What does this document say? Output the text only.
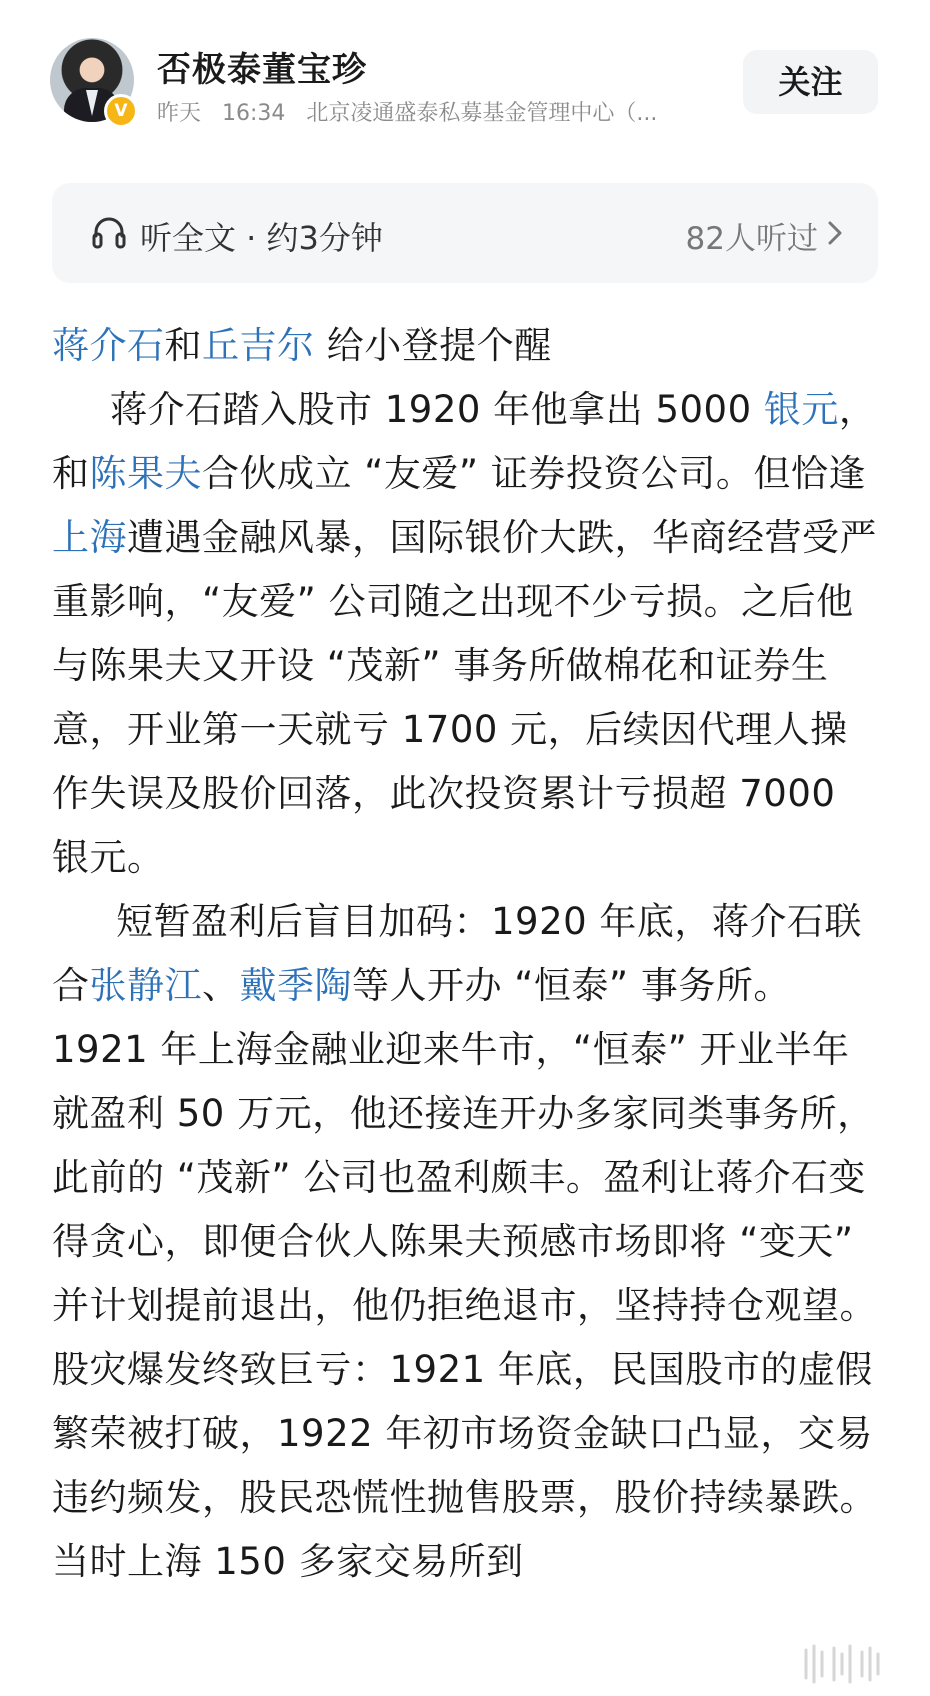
V
否极泰董宝珍
昨天 16:34 北京凌通盛泰私募基金管理中心（...
关注
听全文 · 约3分钟	82人听过

蒋介石和丘吉尔 给小登提个醒

蒋介石踏入股市 1920 年他拿出 5000 银元，和陈果夫合伙成立 “友爱” 证券投资公司。但恰逢上海遭遇金融风暴，国际银价大跌，华商经营受严重影响，“友爱” 公司随之出现不少亏损。之后他与陈果夫又开设 “茂新” 事务所做棉花和证券生意，开业第一天就亏 1700 元，后续因代理人操作失误及股价回落，此次投资累计亏损超 7000 银元。

短暂盈利后盲目加码：1920 年底，蒋介石联合张静江、戴季陶等人开办 “恒泰” 事务所。1921 年上海金融业迎来牛市，“恒泰” 开业半年就盈利 50 万元，他还接连开办多家同类事务所，此前的 “茂新” 公司也盈利颇丰。盈利让蒋介石变得贪心，即便合伙人陈果夫预感市场即将 “变天” 并计划提前退出，他仍拒绝退市，坚持持仓观望。

股灾爆发终致巨亏：1921 年底，民国股市的虚假繁荣被打破，1922 年初市场资金缺口凸显，交易违约频发，股民恐慌性抛售股票，股价持续暴跌。当时上海 150 多家交易所到
